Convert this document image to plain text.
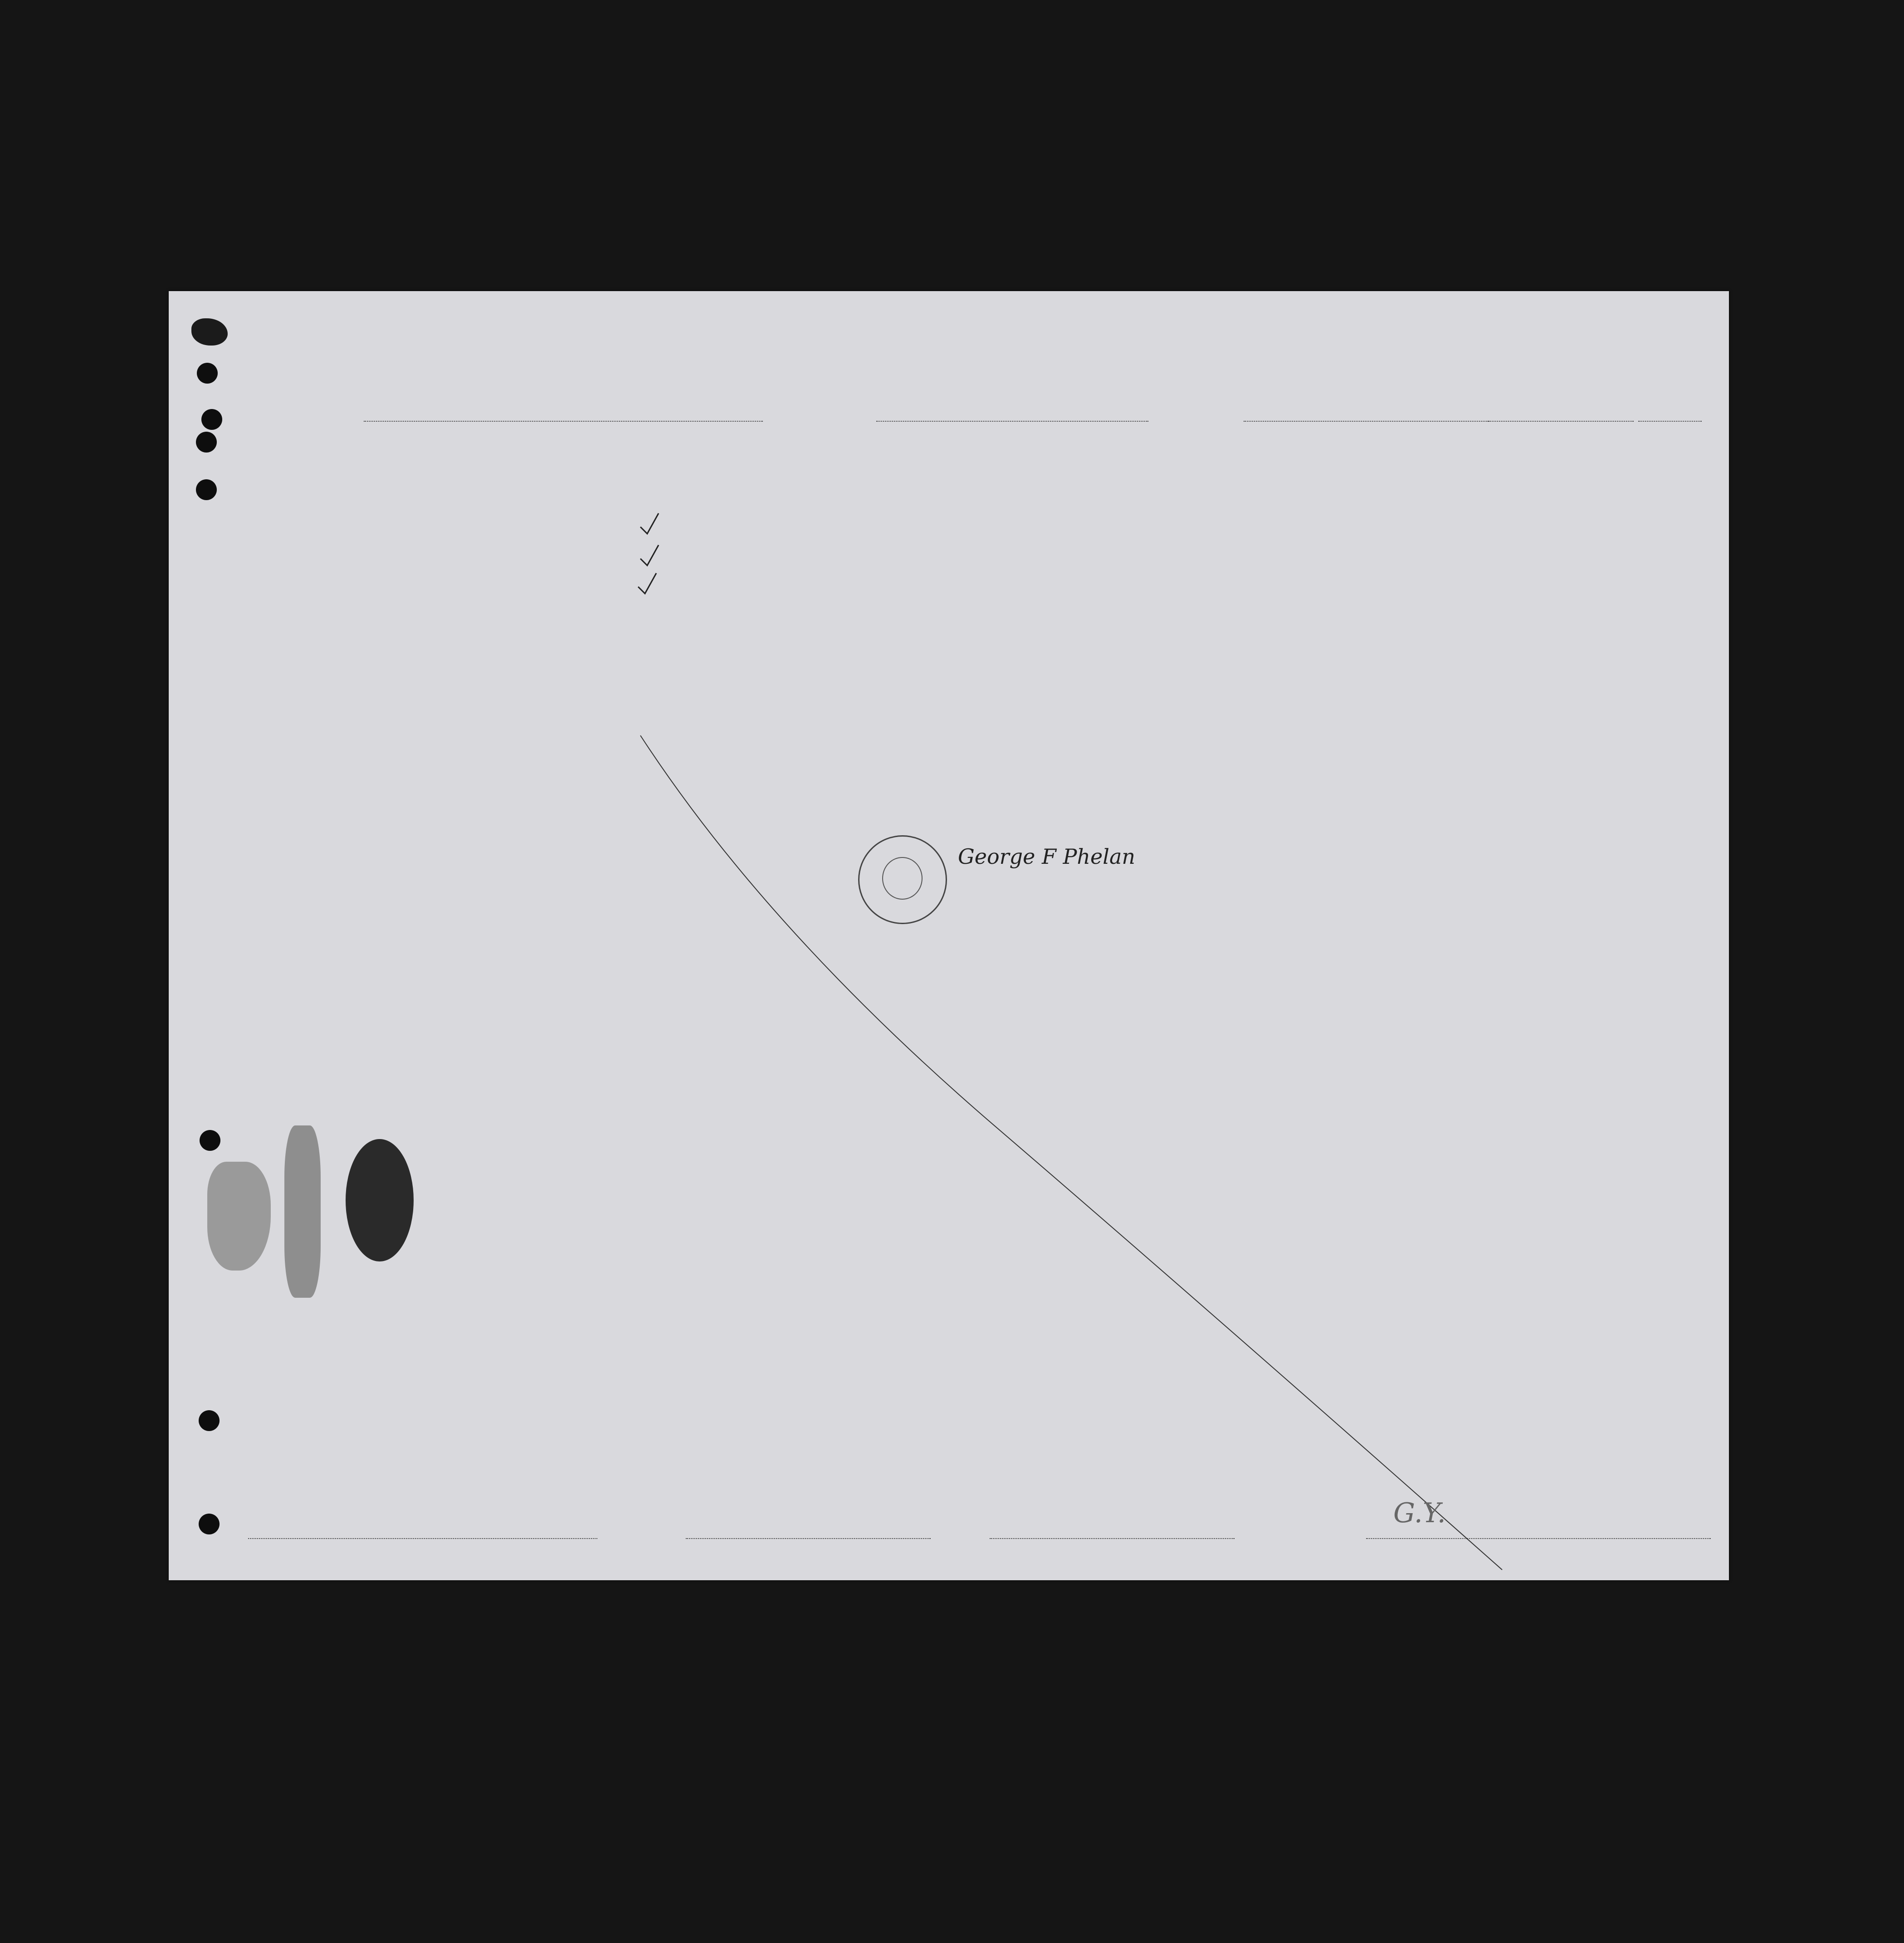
George F Phelan
G.Y.
